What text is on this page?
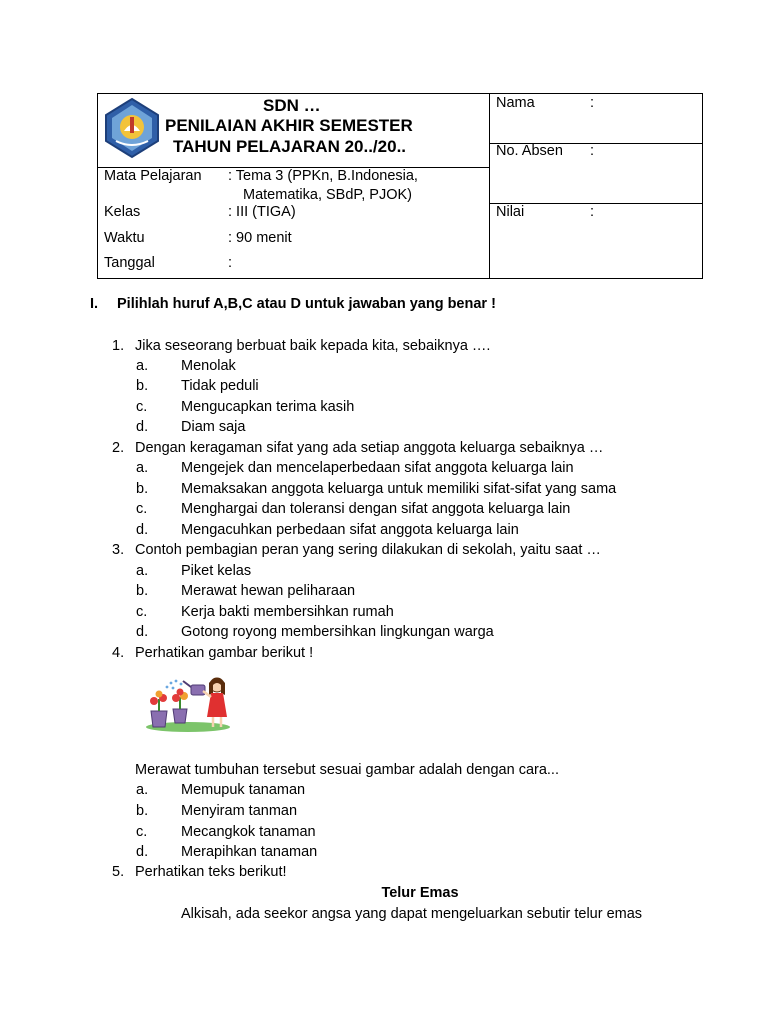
SDN …
PENILAIAN AKHIR SEMESTER
TAHUN PELAJARAN 20../20..
Mata Pelajaran : Tema 3 (PPKn, B.Indonesia,
Matematika, SBdP, PJOK)
Kelas	: III (TIGA)
Waktu	: 90 menit
Tanggal	:
Nama	:
No. Absen :
Nilai	:
I. Pilihlah huruf A,B,C atau D untuk jawaban yang benar !
1. Jika seseorang berbuat baik kepada kita, sebaiknya ….
a. Menolak
b. Tidak peduli
c. Mengucapkan terima kasih
d. Diam saja
2. Dengan keragaman sifat yang ada setiap anggota keluarga sebaiknya …
a. Mengejek dan mencelaperbedaan sifat anggota keluarga lain
b. Memaksakan anggota keluarga untuk memiliki sifat-sifat yang sama
c. Menghargai dan toleransi dengan sifat anggota keluarga lain
d. Mengacuhkan perbedaan sifat anggota keluarga lain
3. Contoh pembagian peran yang sering dilakukan di sekolah, yaitu saat …
a. Piket kelas
b. Merawat hewan peliharaan
c. Kerja bakti membersihkan rumah
d. Gotong royong membersihkan lingkungan warga
4. Perhatikan gambar berikut !
Merawat tumbuhan tersebut sesuai gambar adalah dengan cara...
a. Memupuk tanaman
b. Menyiram tanman
c. Mecangkok tanaman
d. Merapihkan tanaman
5. Perhatikan teks berikut!
Telur Emas
Alkisah, ada seekor angsa yang dapat mengeluarkan sebutir telur emas
